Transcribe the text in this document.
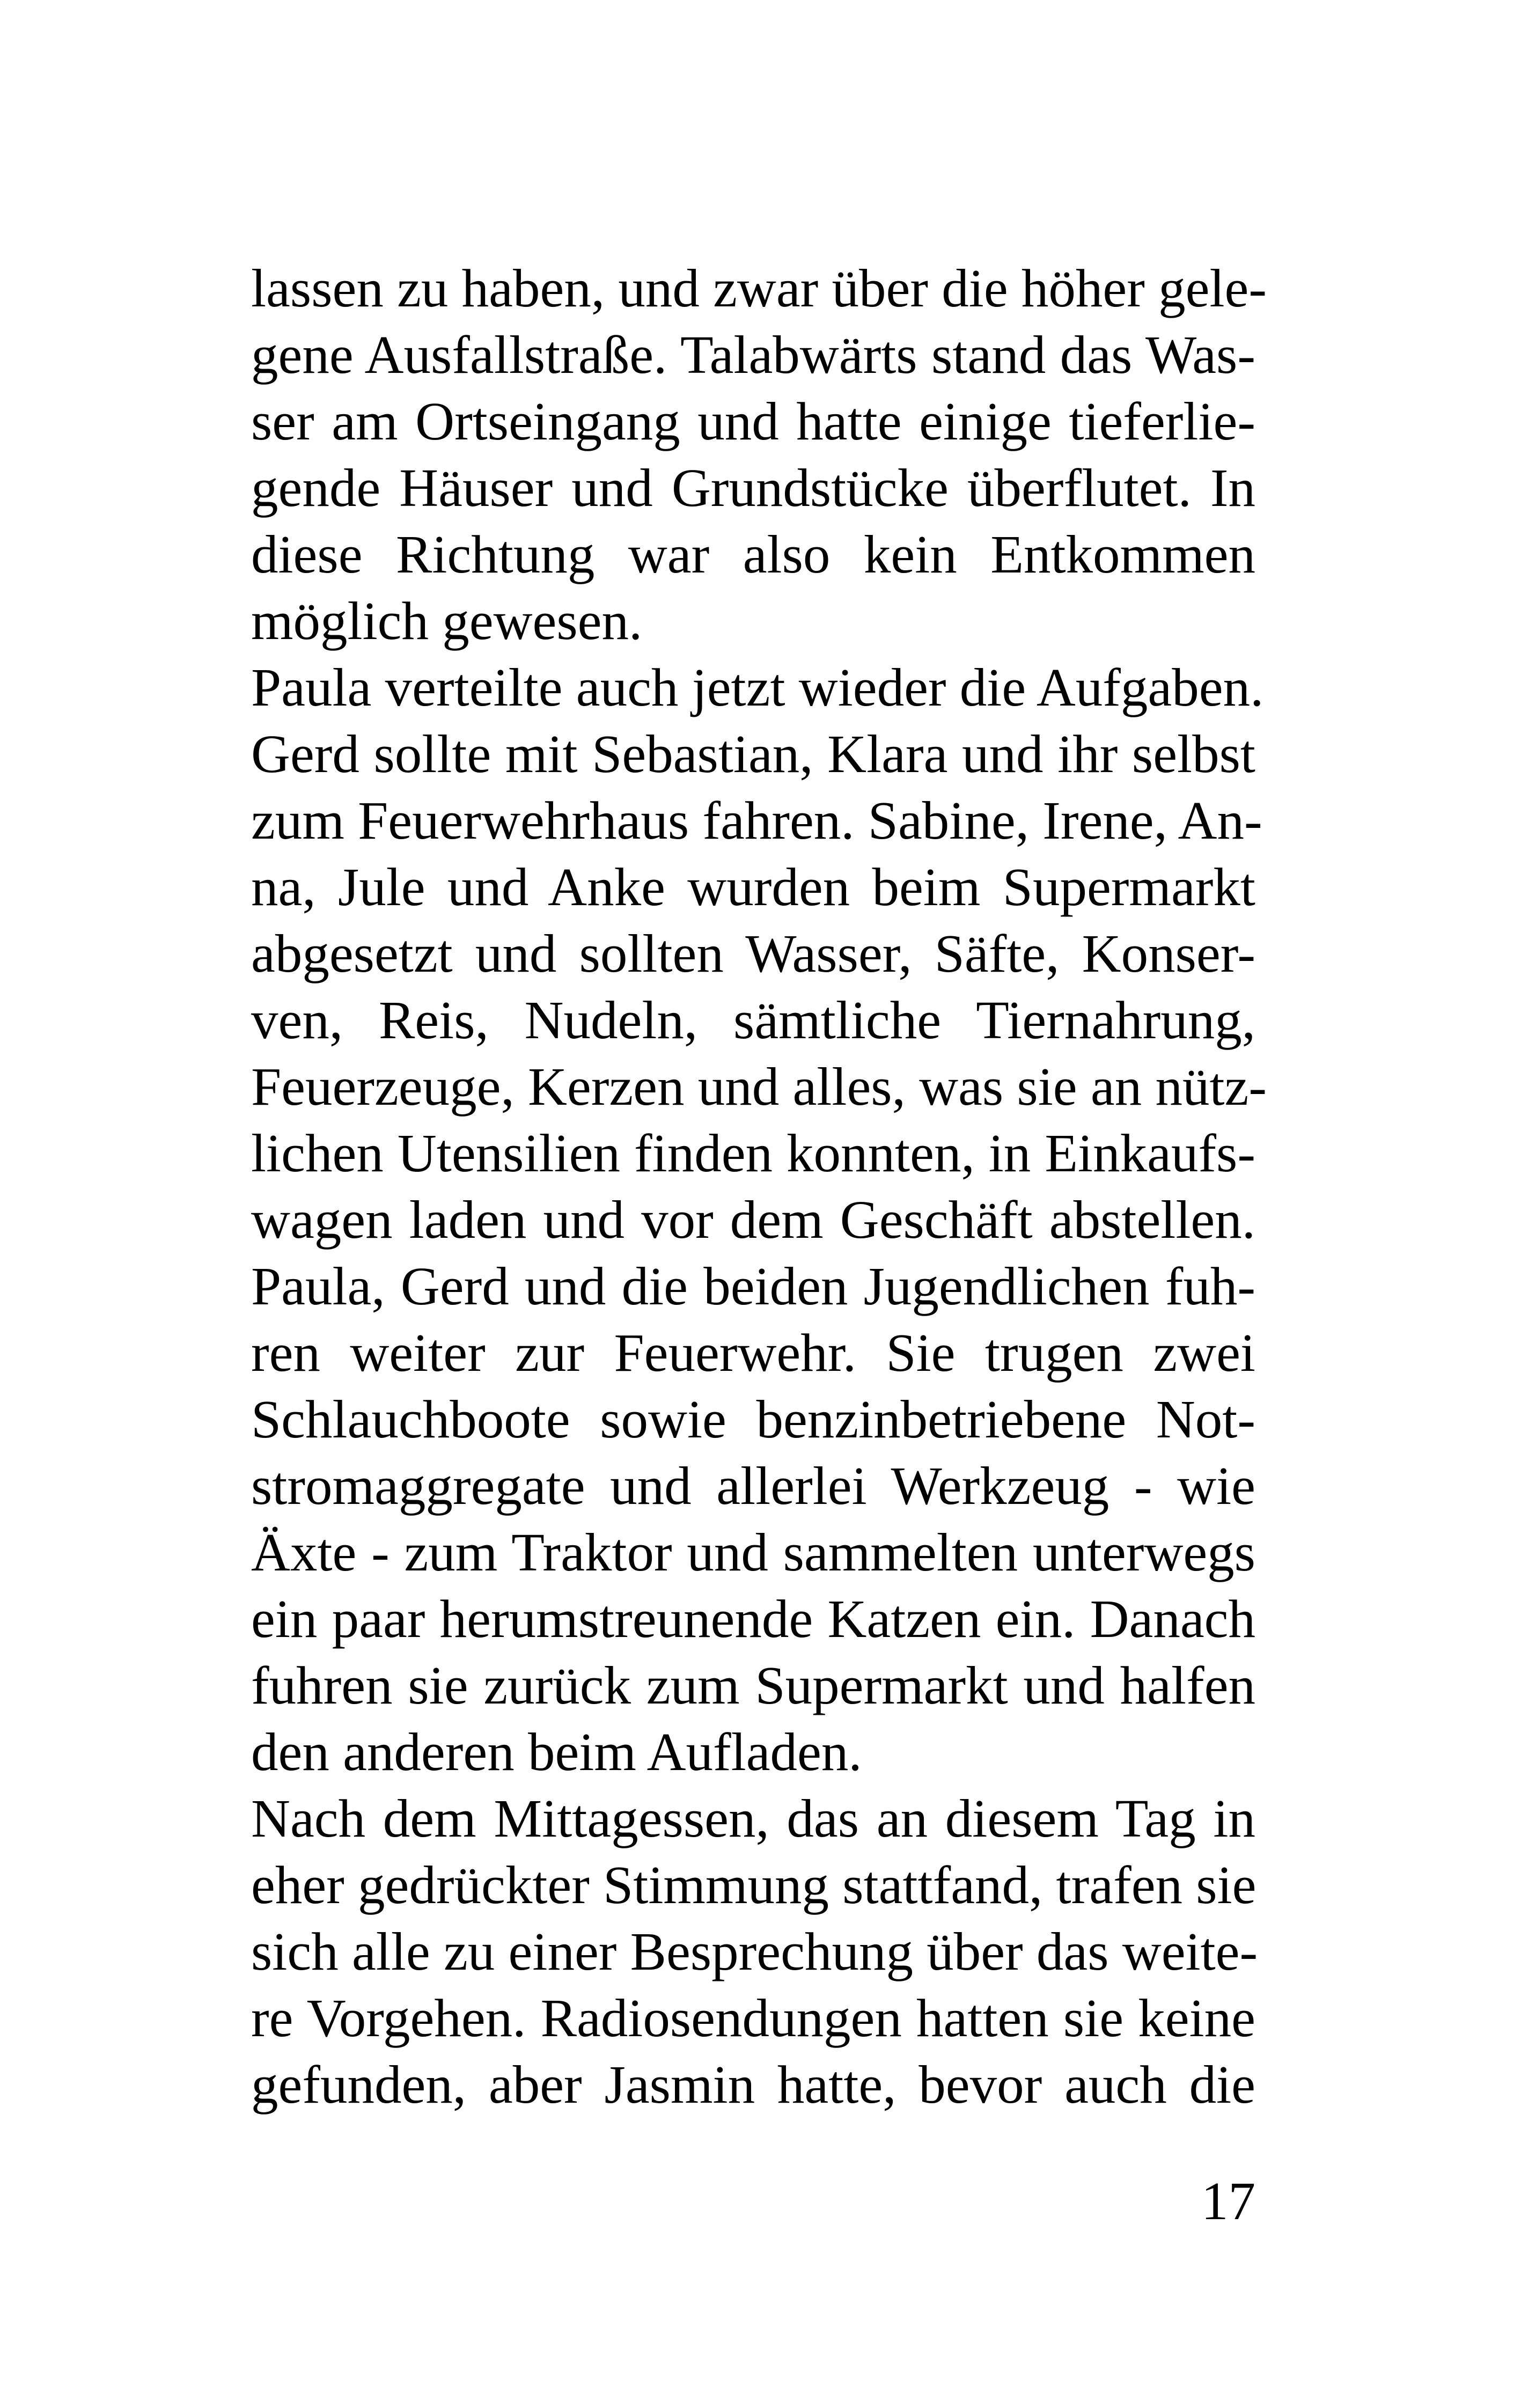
lassen zu haben, und zwar über die höher gele-
gene Ausfallstraße. Talabwärts stand das Was-
ser am Ortseingang und hatte einige tieferlie-
gende Häuser und Grundstücke überflutet. In
diese Richtung war also kein Entkommen
möglich gewesen.
Paula verteilte auch jetzt wieder die Aufgaben.
Gerd sollte mit Sebastian, Klara und ihr selbst
zum Feuerwehrhaus fahren. Sabine, Irene, An-
na, Jule und Anke wurden beim Supermarkt
abgesetzt und sollten Wasser, Säfte, Konser-
ven, Reis, Nudeln, sämtliche Tiernahrung,
Feuerzeuge, Kerzen und alles, was sie an nütz-
lichen Utensilien finden konnten, in Einkaufs-
wagen laden und vor dem Geschäft abstellen.
Paula, Gerd und die beiden Jugendlichen fuh-
ren weiter zur Feuerwehr. Sie trugen zwei
Schlauchboote sowie benzinbetriebene Not-
stromaggregate und allerlei Werkzeug - wie
Äxte - zum Traktor und sammelten unterwegs
ein paar herumstreunende Katzen ein. Danach
fuhren sie zurück zum Supermarkt und halfen
den anderen beim Aufladen.
Nach dem Mittagessen, das an diesem Tag in
eher gedrückter Stimmung stattfand, trafen sie
sich alle zu einer Besprechung über das weite-
re Vorgehen. Radiosendungen hatten sie keine
gefunden, aber Jasmin hatte, bevor auch die
17
